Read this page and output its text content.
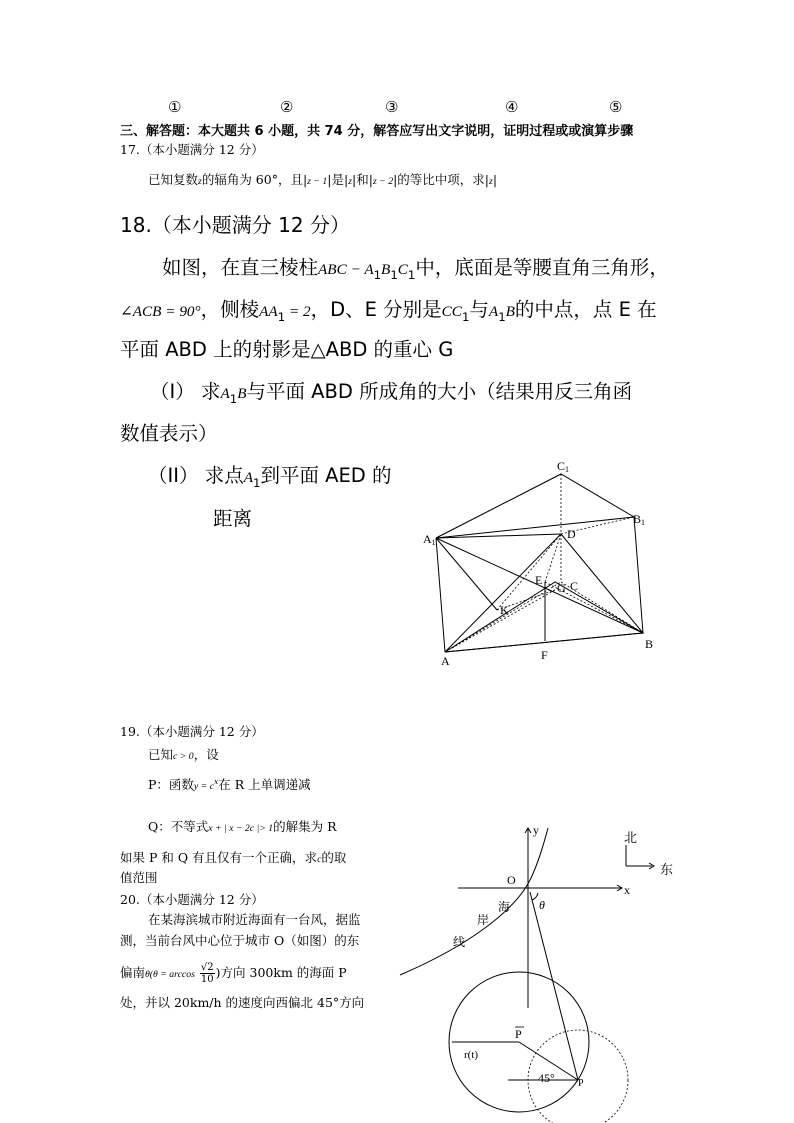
①	②	③	④	⑤
三、解答题：本大题共 6 小题，共 74 分，解答应写出文字说明，证明过程或或演算步骤
17.（本小题满分 12 分）
已知复数z的辐角为 60°，且|z − 1|是|z|和|z − 2|的等比中项，求|z|
18.（本小题满分 12 分）
如图，在直三棱柱ABC − $A_1B_1C_1$中，底面是等腰直角三角形，
∠ACB = 90°，侧棱$AA_1 = 2$，D、E 分别是$CC_1$与$A_1B$的中点，点 E 在
平面 ABD 上的射影是△ABD 的重心 G
（I） 求$A_1B$与平面 ABD 所成角的大小（结果用反三角函
数值表示）
（II） 求点$A_1$到平面 AED 的
距离
C1
B1
A1
D
E
G C
K
B
A	F
19.（本小题满分 12 分）
已知c > 0，设
P：函数$y = c^x$在 R 上单调递减
Q：不等式x + | x − 2c |> 1的解集为 R
如果 P 和 Q 有且仅有一个正确，求c的取
值范围
20.（本小题满分 12 分）
在某海滨城市附近海面有一台风，据监
测，当前台风中心位于城市 O（如图）的东
偏南$\theta(\theta = \arccos \frac{√2}{10}$ )方向 300km 的海面 P
处，并以 20km/h 的速度向西偏北 45°方向
y
x
O
θ
海
岸
线
北
东
P
r(t)
45° P
